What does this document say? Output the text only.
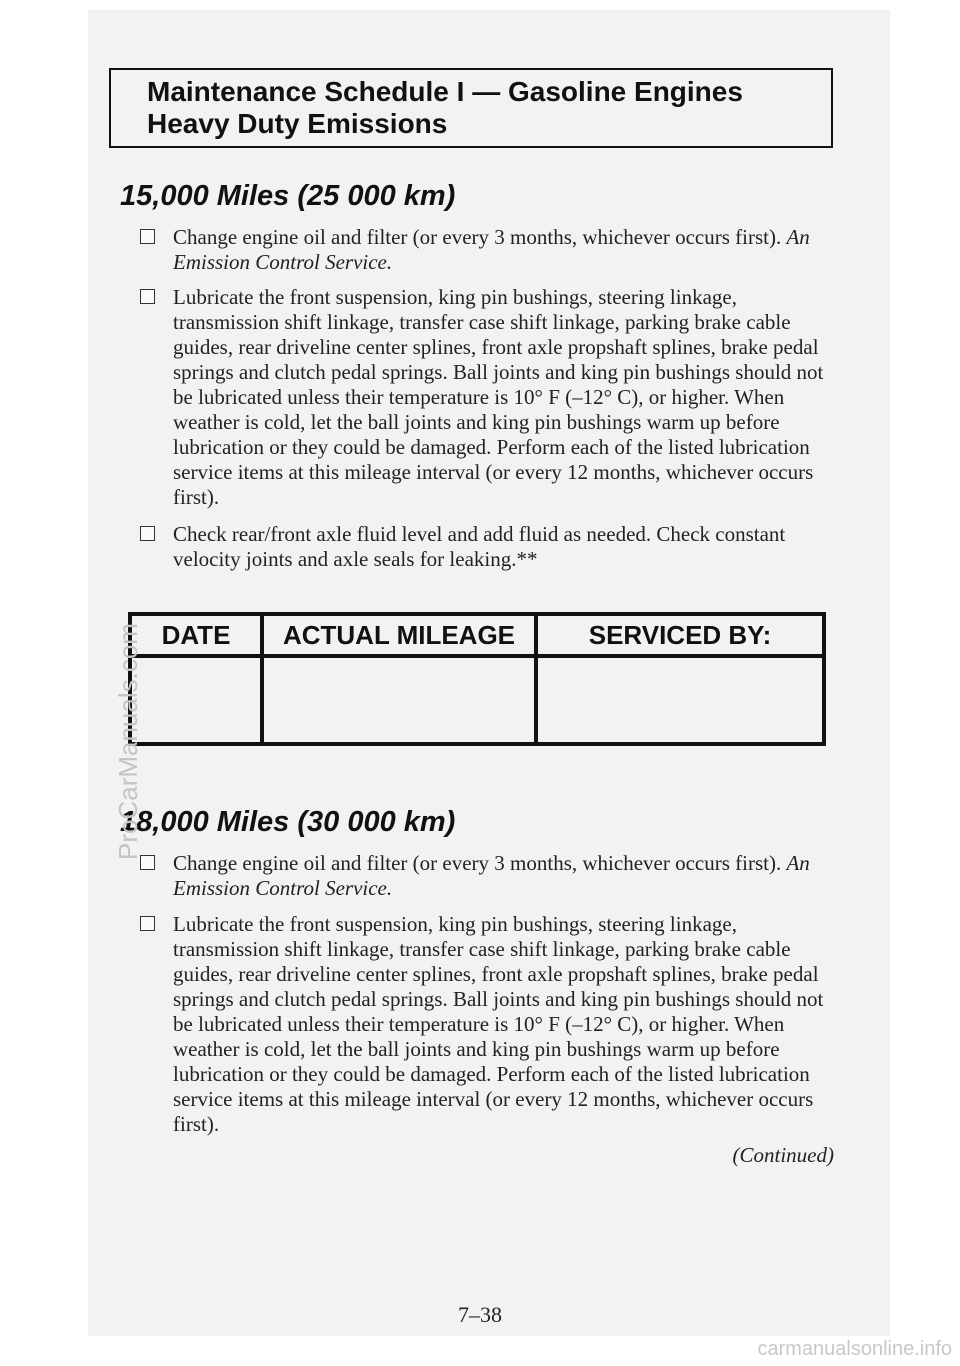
Maintenance Schedule I — Gasoline Engines Heavy Duty Emissions
15,000 Miles (25 000 km)
Change engine oil and filter (or every 3 months, whichever occurs first). An Emission Control Service.
Lubricate the front suspension, king pin bushings, steering linkage, transmission shift linkage, transfer case shift linkage, parking brake cable guides, rear driveline center splines, front axle propshaft splines, brake pedal springs and clutch pedal springs. Ball joints and king pin bushings should not be lubricated unless their temperature is 10° F (–12° C), or higher. When weather is cold, let the ball joints and king pin bushings warm up before lubrication or they could be damaged. Perform each of the listed lubrication service items at this mileage interval (or every 12 months, whichever occurs first).
Check rear/front axle fluid level and add fluid as needed. Check constant velocity joints and axle seals for leaking.**
DATE	ACTUAL MILEAGE	SERVICED BY:

18,000 Miles (30 000 km)
Change engine oil and filter (or every 3 months, whichever occurs first). An Emission Control Service.
Lubricate the front suspension, king pin bushings, steering linkage, transmission shift linkage, transfer case shift linkage, parking brake cable guides, rear driveline center splines, front axle propshaft splines, brake pedal springs and clutch pedal springs. Ball joints and king pin bushings should not be lubricated unless their temperature is 10° F (–12° C), or higher. When weather is cold, let the ball joints and king pin bushings warm up before lubrication or they could be damaged. Perform each of the listed lubrication service items at this mileage interval (or every 12 months, whichever occurs first).
(Continued)
7–38
ProCarManuals.com
carmanualsonline.info
